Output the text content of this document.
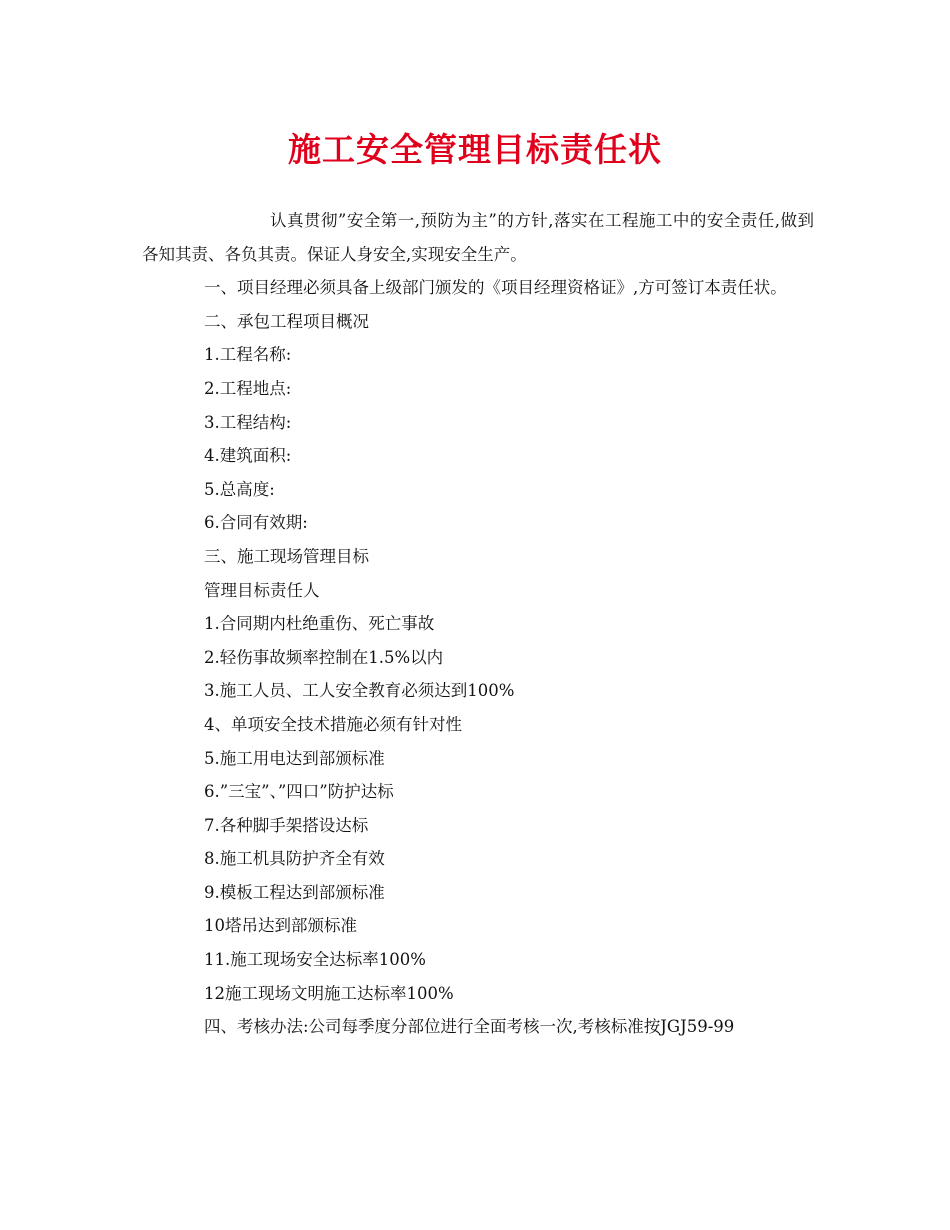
施工安全管理目标责任状

认真贯彻”安全第一,预防为主”的方针,落实在工程施工中的安全责任,做到各知其责、各负其责。保证人身安全,实现安全生产。

一、项目经理必须具备上级部门颁发的《项目经理资格证》,方可签订本责任状。

二、承包工程项目概况

1.工程名称:

2.工程地点:

3.工程结构:

4.建筑面积:

5.总高度:

6.合同有效期:

三、施工现场管理目标

管理目标责任人

1.合同期内杜绝重伤、死亡事故

2.轻伤事故频率控制在1.5%以内

3.施工人员、工人安全教育必须达到100%

4、单项安全技术措施必须有针对性

5.施工用电达到部颁标准

6.”三宝”、”四口”防护达标

7.各种脚手架搭设达标

8.施工机具防护齐全有效

9.模板工程达到部颁标准

10塔吊达到部颁标准

11.施工现场安全达标率100%

12施工现场文明施工达标率100%

四、考核办法:公司每季度分部位进行全面考核一次,考核标准按JGJ59-99
